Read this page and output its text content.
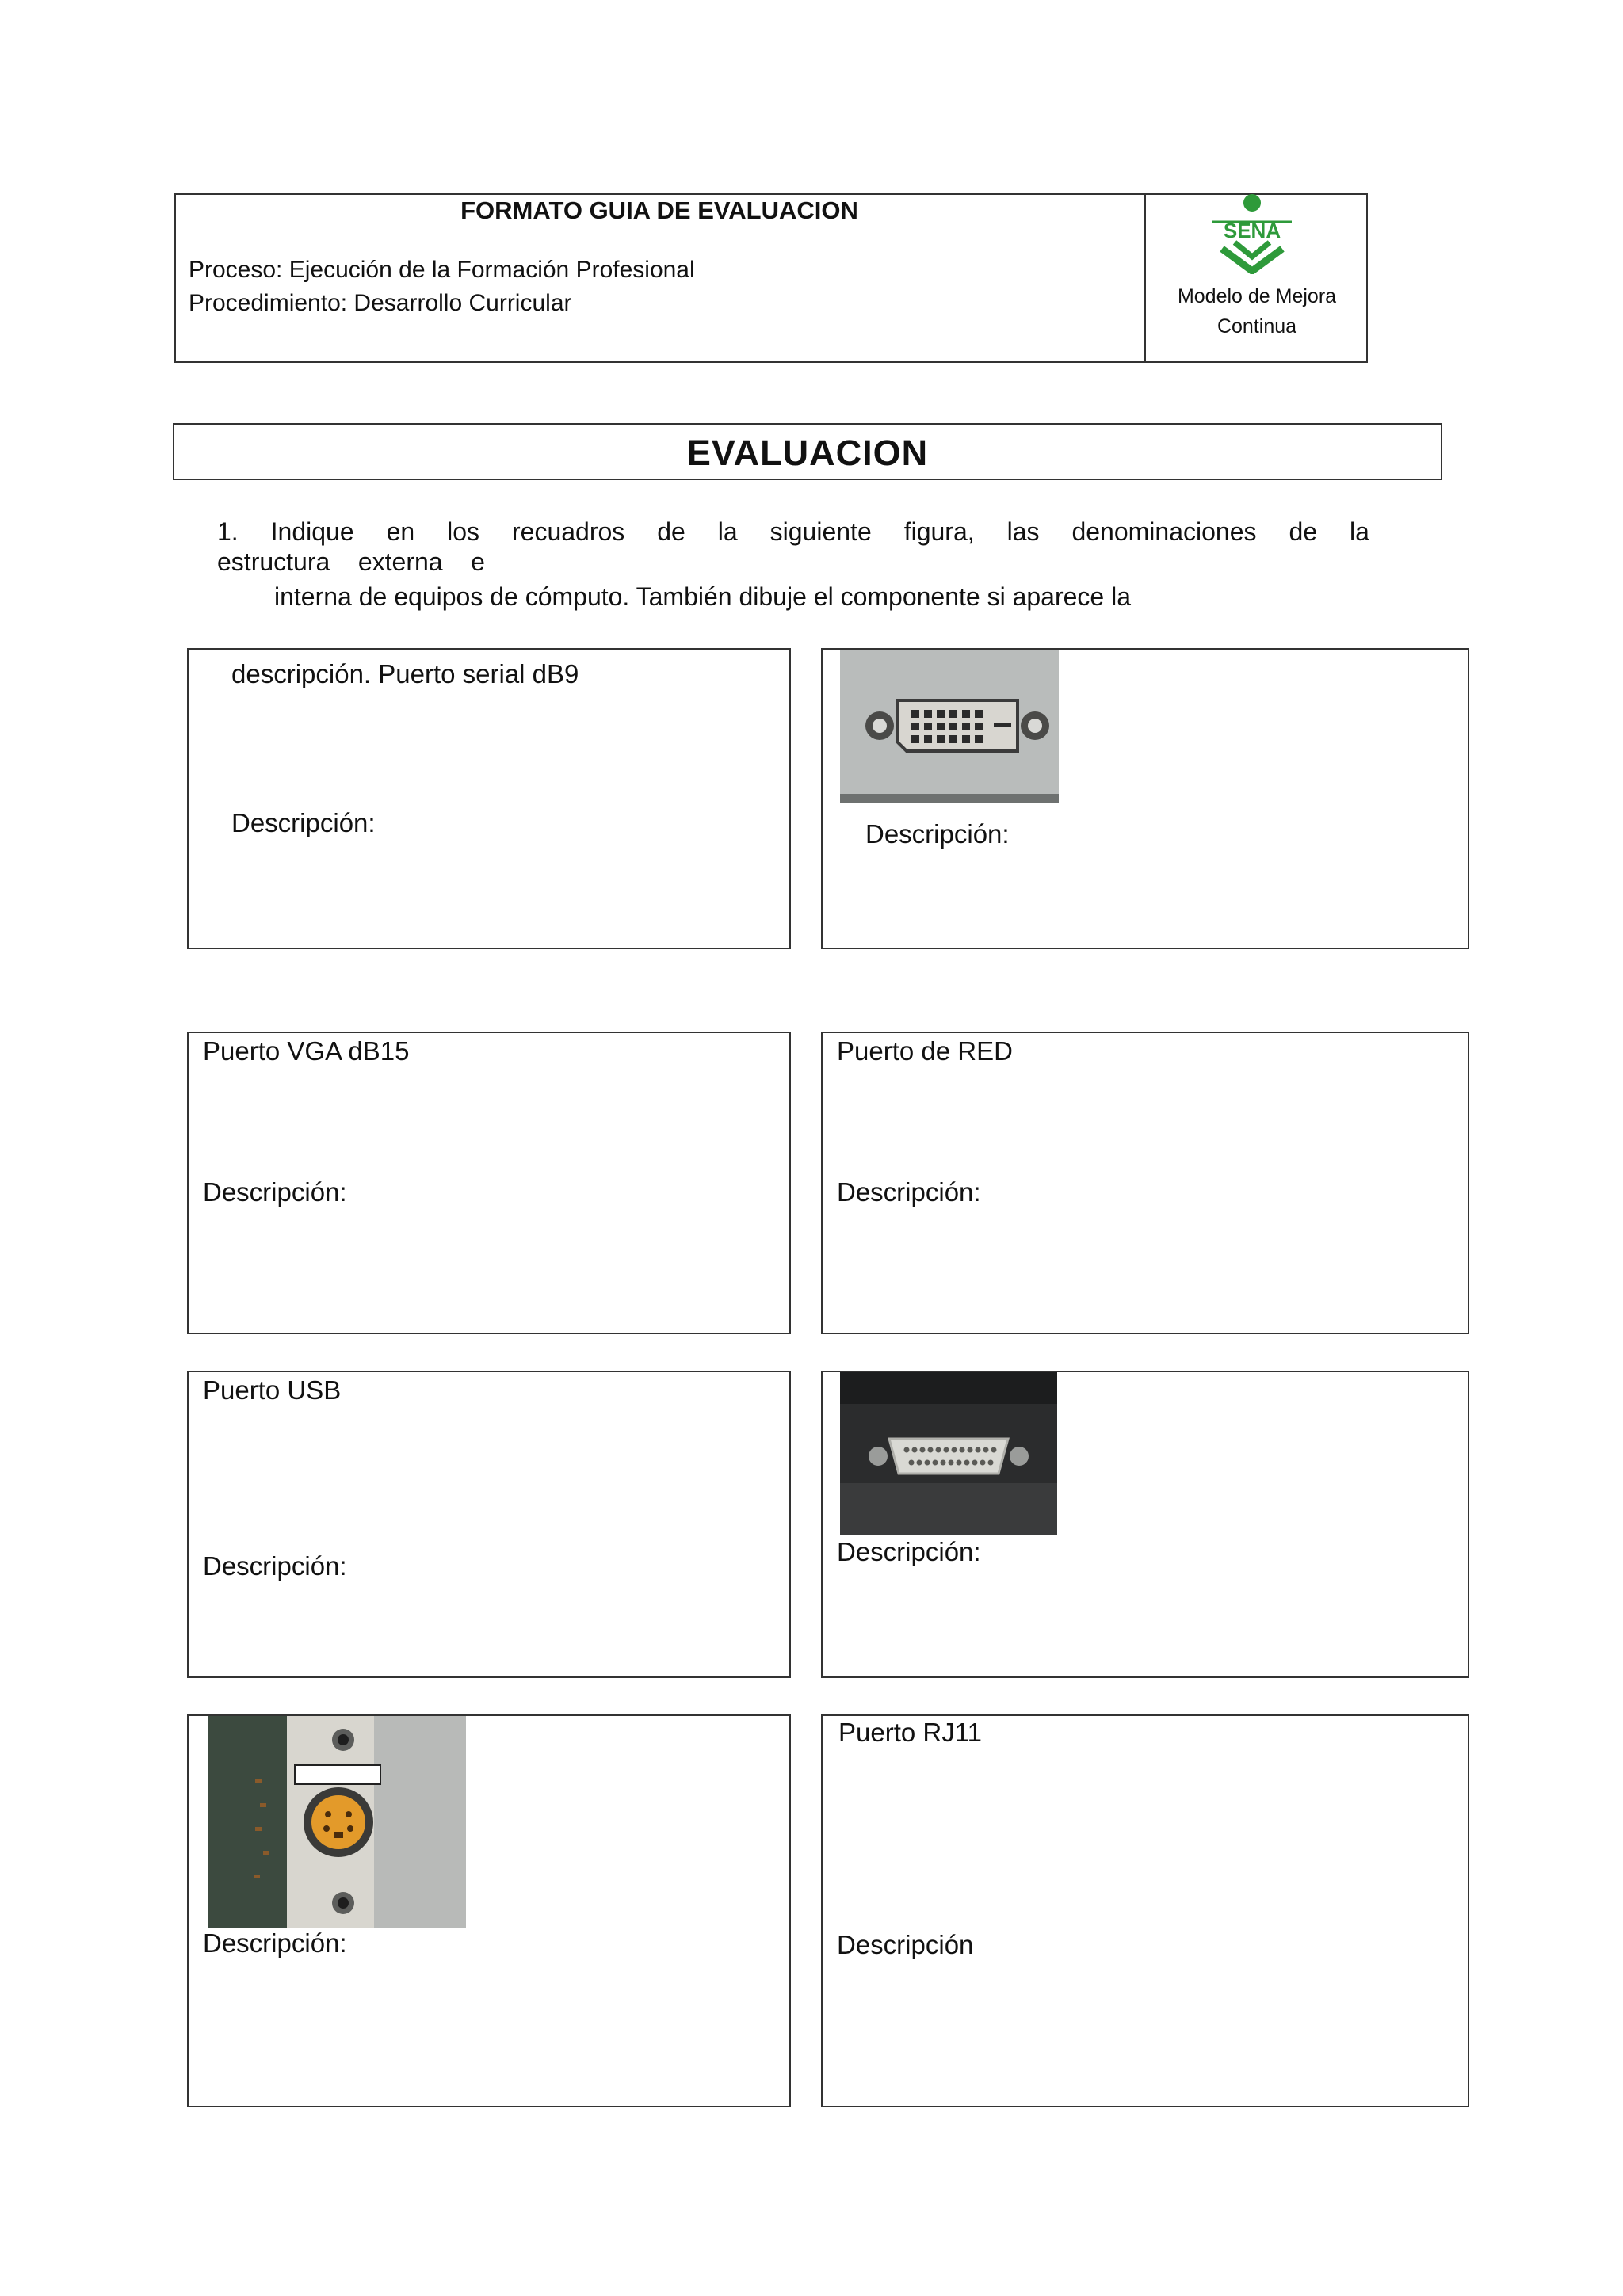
FORMATO GUIA DE EVALUACION
Proceso: Ejecución de la Formación Profesional
Procedimiento: Desarrollo Curricular
SENA
Modelo de Mejora
Continua
EVALUACION
1. Indique en los recuadros de la siguiente figura, las denominaciones de la
estructura    externa    e
interna de equipos de cómputo. También dibuje el componente si aparece la
descripción. Puerto serial dB9
Descripción:	Descripción:
Puerto VGA dB15
Descripción:
Puerto de RED
Descripción:
Puerto USB
Descripción:	Descripción:
Descripción:
Puerto RJ11
Descripción
